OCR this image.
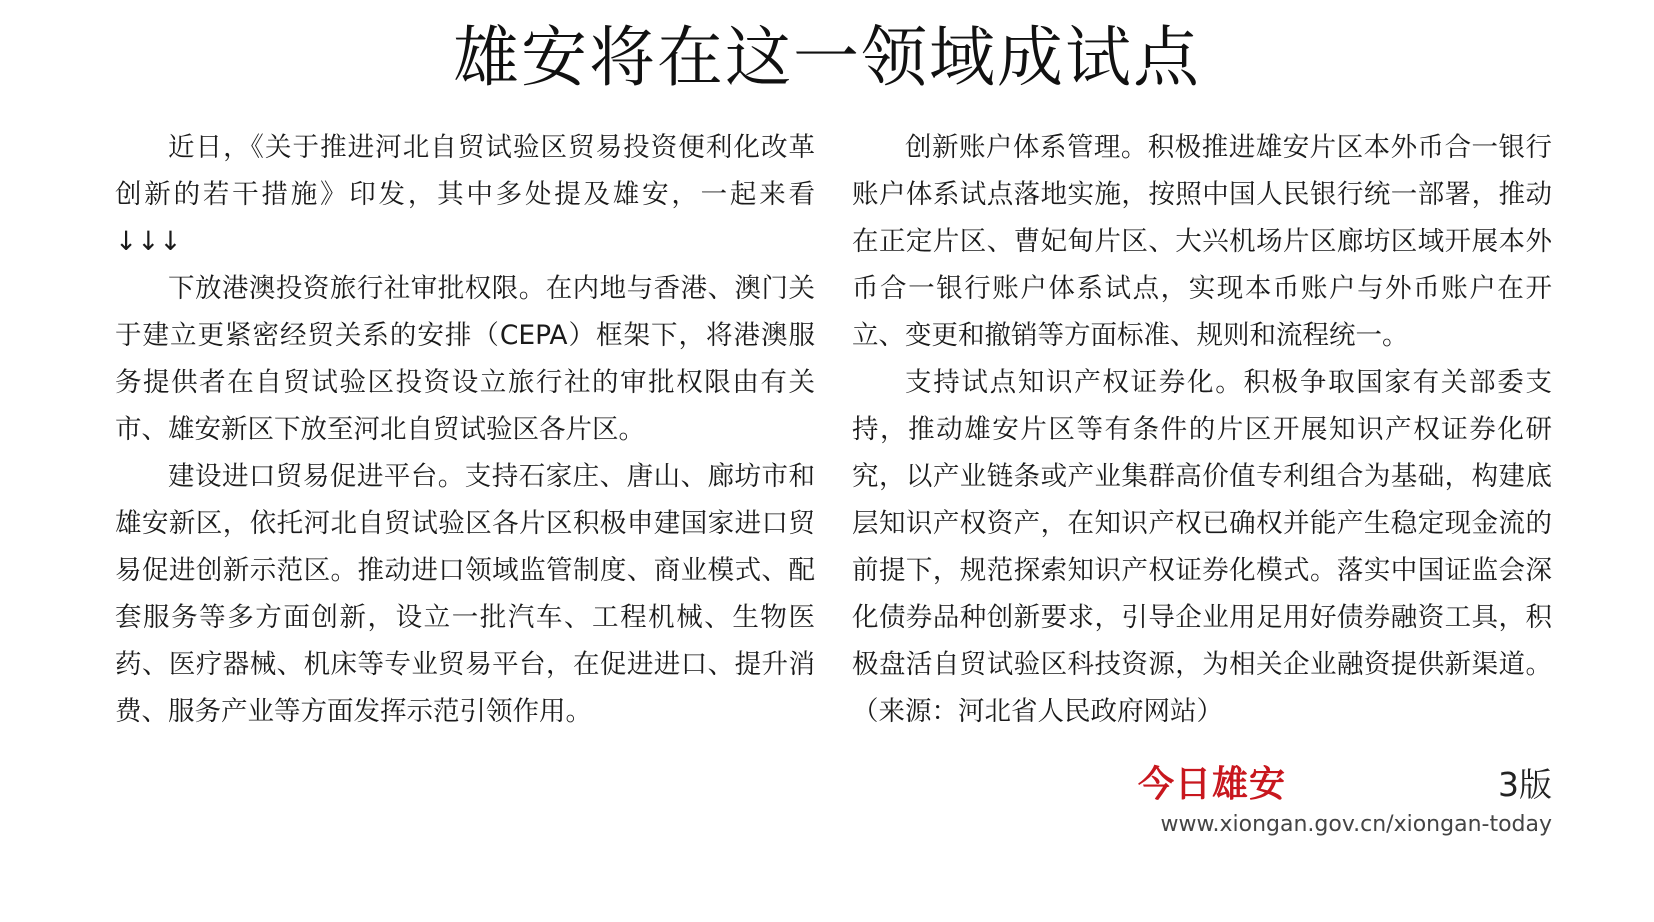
雄安将在这一领域成试点

近日，《关于推进河北自贸试验区贸易投资便利化改革创新的若干措施》印发，其中多处提及雄安，一起来看↓↓↓

下放港澳投资旅行社审批权限。在内地与香港、澳门关于建立更紧密经贸关系的安排（CEPA）框架下，将港澳服务提供者在自贸试验区投资设立旅行社的审批权限由有关市、雄安新区下放至河北自贸试验区各片区。

建设进口贸易促进平台。支持石家庄、唐山、廊坊市和雄安新区，依托河北自贸试验区各片区积极申建国家进口贸易促进创新示范区。推动进口领域监管制度、商业模式、配套服务等多方面创新，设立一批汽车、工程机械、生物医药、医疗器械、机床等专业贸易平台，在促进进口、提升消费、服务产业等方面发挥示范引领作用。

创新账户体系管理。积极推进雄安片区本外币合一银行账户体系试点落地实施，按照中国人民银行统一部署，推动在正定片区、曹妃甸片区、大兴机场片区廊坊区域开展本外币合一银行账户体系试点，实现本币账户与外币账户在开立、变更和撤销等方面标准、规则和流程统一。

支持试点知识产权证券化。积极争取国家有关部委支持，推动雄安片区等有条件的片区开展知识产权证券化研究，以产业链条或产业集群高价值专利组合为基础，构建底层知识产权资产，在知识产权已确权并能产生稳定现金流的前提下，规范探索知识产权证券化模式。落实中国证监会深化债券品种创新要求，引导企业用足用好债券融资工具，积极盘活自贸试验区科技资源，为相关企业融资提供新渠道。 （来源：河北省人民政府网站）

今日雄安	3版
www.xiongan.gov.cn/xiongan-today
